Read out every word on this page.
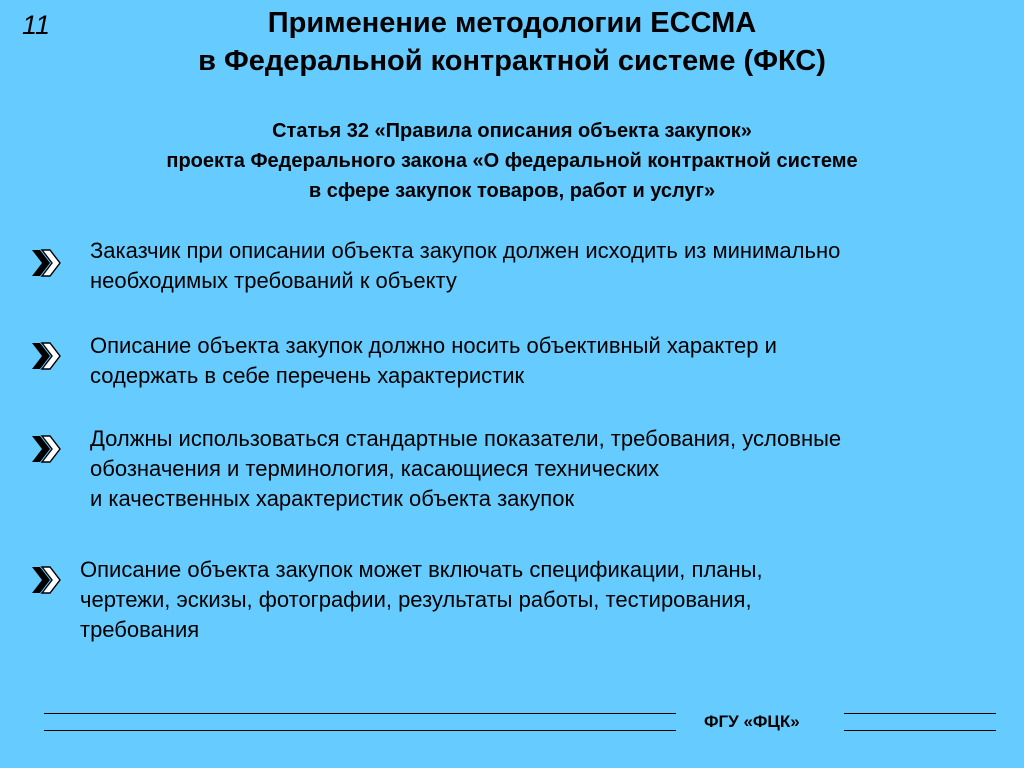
11	Применение методологии ЕССМА
в Федеральной контрактной системе (ФКС)
Статья 32 «Правила описания объекта закупок»
проекта Федерального закона «О федеральной контрактной системе
в сфере закупок товаров, работ и услуг»
Заказчик при описании объекта закупок должен исходить из минимально
необходимых требований к объекту
Описание объекта закупок должно носить объективный характер и
содержать в себе перечень характеристик
Должны использоваться стандартные показатели, требования, условные
обозначения и терминология, касающиеся технических
и качественных характеристик объекта закупок
Описание объекта закупок может включать спецификации, планы,
чертежи, эскизы, фотографии, результаты работы, тестирования,
требования
ФГУ «ФЦК»
